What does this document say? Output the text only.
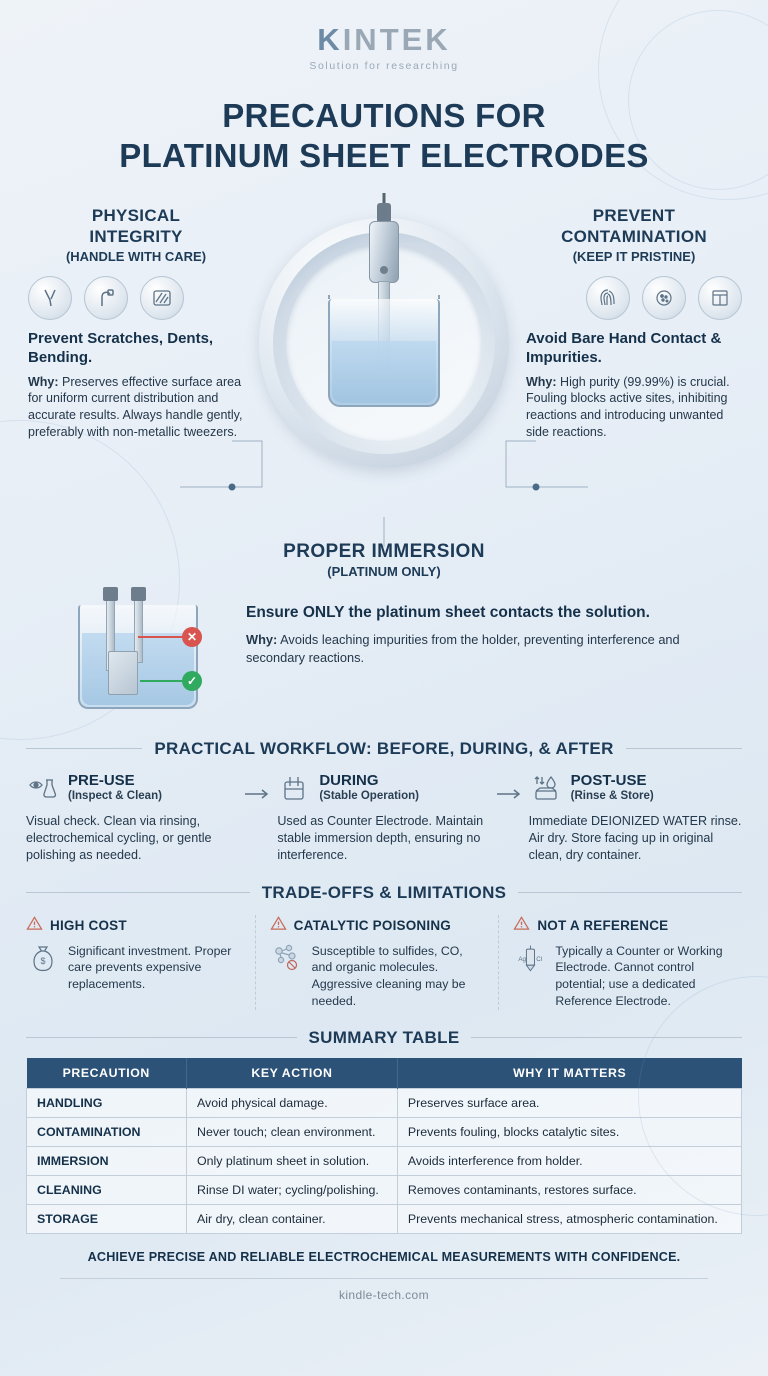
KINTEK
Solution for researching
PRECAUTIONS FOR
PLATINUM SHEET ELECTRODES
PHYSICAL
INTEGRITY
(HANDLE WITH CARE)
Prevent Scratches, Dents, Bending.
Why: Preserves effective surface area for uniform current distribution and accurate results. Always handle gently, preferably with non-metallic tweezers.
PREVENT
CONTAMINATION
(KEEP IT PRISTINE)
Avoid Bare Hand Contact & Impurities.
Why: High purity (99.99%) is crucial. Fouling blocks active sites, inhibiting reactions and introducing unwanted side reactions.
PROPER IMMERSION
(PLATINUM ONLY)
✕
✓
Ensure ONLY the platinum sheet contacts the solution.
Why: Avoids leaching impurities from the holder, preventing interference and secondary reactions.
PRACTICAL WORKFLOW: BEFORE, DURING, & AFTER
PRE-USE
(Inspect & Clean)
Visual check. Clean via rinsing, electrochemical cycling, or gentle polishing as needed.
DURING
(Stable Operation)
Used as Counter Electrode. Maintain stable immersion depth, ensuring no interference.
POST-USE
(Rinse & Store)
Immediate DEIONIZED WATER rinse. Air dry. Store facing up in original clean, dry container.
TRADE-OFFS & LIMITATIONS
HIGH COST
$
Significant investment. Proper care prevents expensive replacements.
CATALYTIC POISONING
Susceptible to sulfides, CO, and organic molecules. Aggressive cleaning may be needed.
NOT A REFERENCE
Ag Cl
Typically a Counter or Working Electrode. Cannot control potential; use a dedicated Reference Electrode.
SUMMARY TABLE
PRECAUTION	KEY ACTION	WHY IT MATTERS
HANDLING	Avoid physical damage.	Preserves surface area.
CONTAMINATION	Never touch; clean environment.	Prevents fouling, blocks catalytic sites.
IMMERSION	Only platinum sheet in solution.	Avoids interference from holder.
CLEANING	Rinse DI water; cycling/polishing.	Removes contaminants, restores surface.
STORAGE	Air dry, clean container.	Prevents mechanical stress, atmospheric contamination.
ACHIEVE PRECISE AND RELIABLE ELECTROCHEMICAL MEASUREMENTS WITH CONFIDENCE.
kindle-tech.com
